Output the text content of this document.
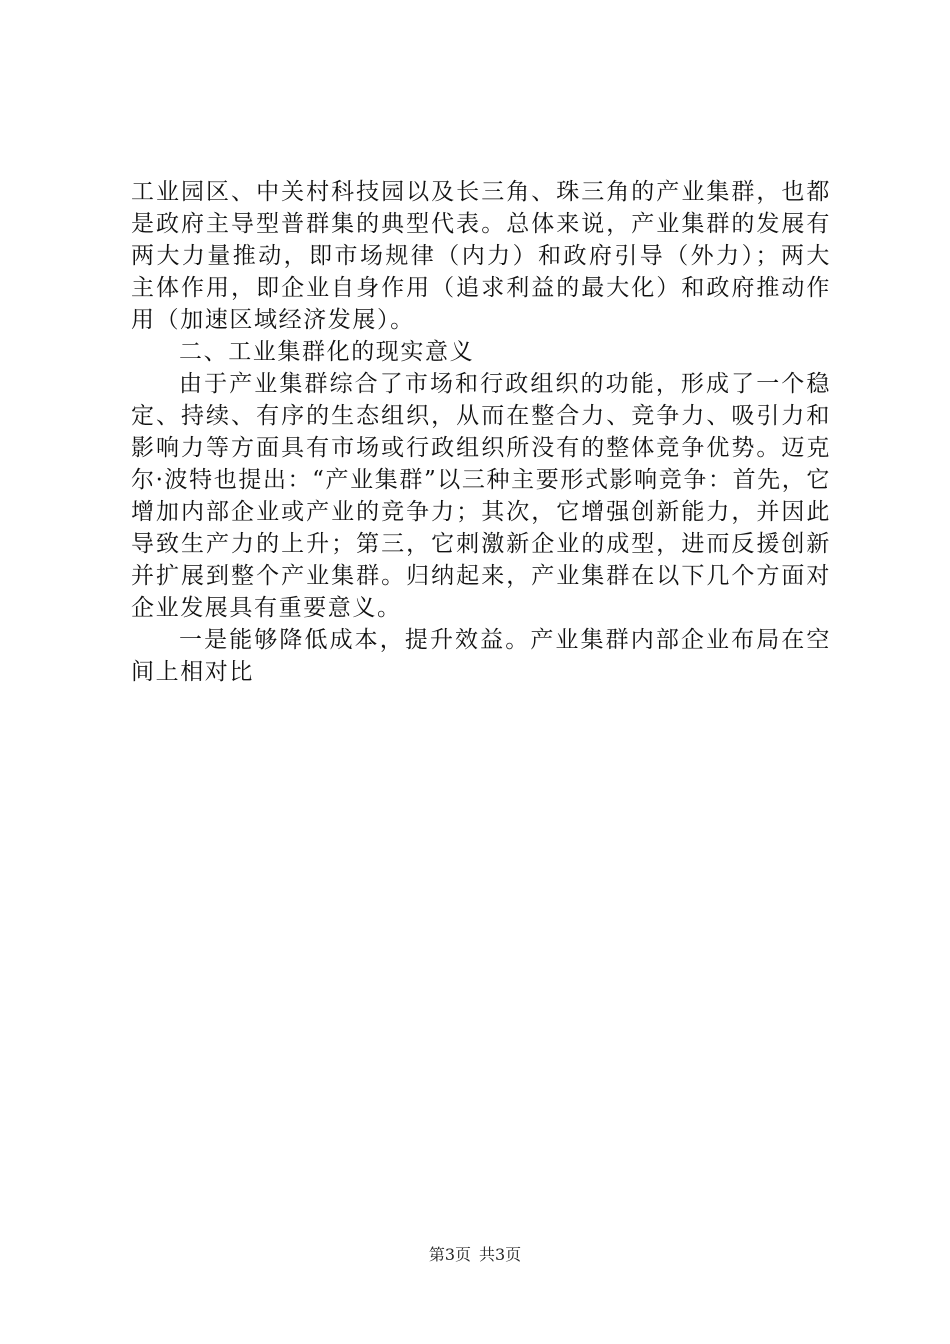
工业园区、中关村科技园以及长三角、珠三角的产业集群，也都是政府主导型普群集的典型代表。总体来说，产业集群的发展有两大力量推动，即市场规律（内力）和政府引导（外力）；两大主体作用，即企业自身作用（追求利益的最大化）和政府推动作用（加速区域经济发展）。

二、工业集群化的现实意义

由于产业集群综合了市场和行政组织的功能，形成了一个稳定、持续、有序的生态组织，从而在整合力、竞争力、吸引力和影响力等方面具有市场或行政组织所没有的整体竞争优势。迈克尔·波特也提出：“产业集群”以三种主要形式影响竞争：首先，它增加内部企业或产业的竞争力；其次，它增强创新能力，并因此导致生产力的上升；第三，它刺激新企业的成型，进而反援创新并扩展到整个产业集群。归纳起来，产业集群在以下几个方面对企业发展具有重要意义。

一是能够降低成本，提升效益。产业集群内部企业布局在空间上相对比

第3页 共3页
